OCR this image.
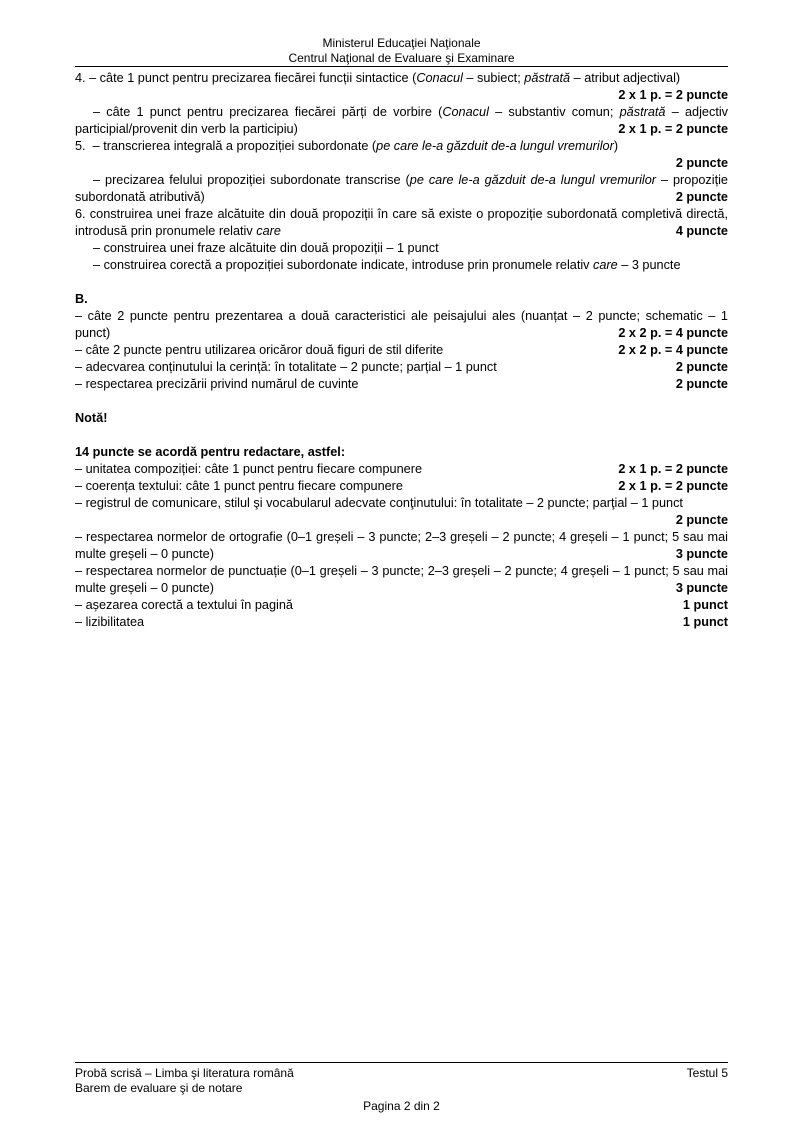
Ministerul Educaţiei Naţionale
Centrul Naţional de Evaluare şi Examinare
4. – câte 1 punct pentru precizarea fiecărei funcții sintactice (Conacul – subiect; păstrată – atribut adjectival)
2 x 1 p. = 2 puncte
– câte 1 punct pentru precizarea fiecărei părți de vorbire (Conacul – substantiv comun; păstrată – adjectiv participial/provenit din verb la participiu)	2 x 1 p. = 2 puncte
5.  – transcrierea integrală a propoziției subordonate (pe care le-a găzduit de-a lungul vremurilor)
2 puncte
– precizarea felului propoziției subordonate transcrise (pe care le-a găzduit de-a lungul vremurilor – propoziție subordonată atributivă)	2 puncte
6. construirea unei fraze alcătuite din două propoziții în care să existe o propoziție subordonată completivă directă, introdusă prin pronumele relativ care	4 puncte
– construirea unei fraze alcătuite din două propoziții – 1 punct
– construirea corectă a propoziției subordonate indicate, introduse prin pronumele relativ care – 3 puncte
B.
– câte 2 puncte pentru prezentarea a două caracteristici ale peisajului ales (nuanțat – 2 puncte; schematic – 1 punct)	2 x 2 p. = 4 puncte
– câte 2 puncte pentru utilizarea oricăror două figuri de stil diferite	2 x 2 p. = 4 puncte
– adecvarea conținutului la cerință: în totalitate – 2 puncte; parțial – 1 punct	2 puncte
– respectarea precizării privind numărul de cuvinte	2 puncte
Notă!
14 puncte se acordă pentru redactare, astfel:
– unitatea compoziției: câte 1 punct pentru fiecare compunere	2 x 1 p. = 2 puncte
– coerența textului: câte 1 punct pentru fiecare compunere	2 x 1 p. = 2 puncte
– registrul de comunicare, stilul şi vocabularul adecvate conţinutului: în totalitate – 2 puncte; parţial – 1 punct
2 puncte
– respectarea normelor de ortografie (0–1 greșeli – 3 puncte; 2–3 greșeli – 2 puncte; 4 greșeli – 1 punct; 5 sau mai multe greșeli – 0 puncte)	3 puncte
– respectarea normelor de punctuație (0–1 greșeli – 3 puncte; 2–3 greșeli – 2 puncte; 4 greșeli – 1 punct; 5 sau mai multe greșeli – 0 puncte)	3 puncte
– așezarea corectă a textului în pagină	1 punct
– lizibilitatea	1 punct
Probă scrisă – Limba şi literatura română
Barem de evaluare şi de notare
Testul 5
Pagina 2 din 2
